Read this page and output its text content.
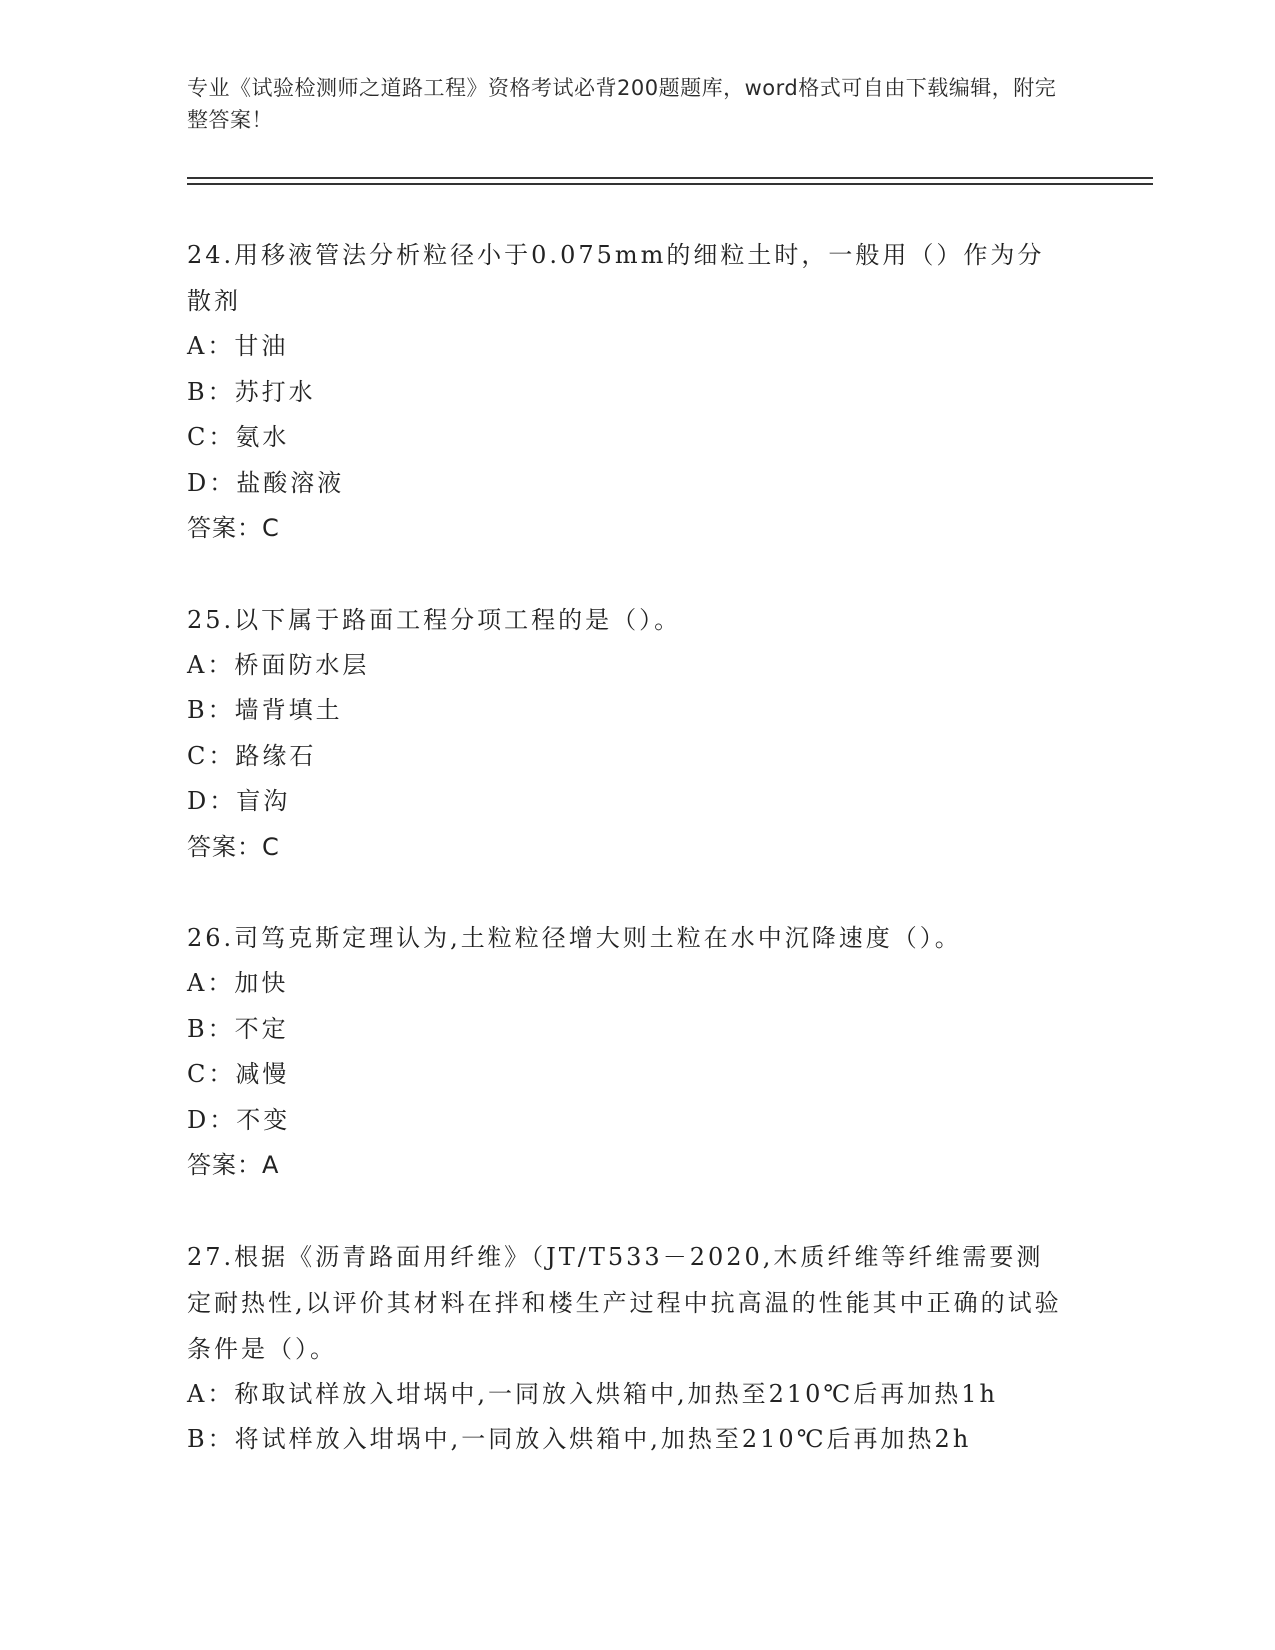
专业《试验检测师之道路工程》资格考试必背200题题库，word格式可自由下载编辑，附完整答案！
24.用移液管法分析粒径小于0.075mm的细粒土时，一般用（）作为分散剂
A：甘油
B：苏打水
C：氨水
D：盐酸溶液
答案：C
25.以下属于路面工程分项工程的是（）。
A：桥面防水层
B：墙背填土
C：路缘石
D：盲沟
答案：C
26.司笃克斯定理认为,土粒粒径增大则土粒在水中沉降速度（）。
A：加快
B：不定
C：减慢
D：不变
答案：A
27.根据《沥青路面用纤维》（JT/T533－2020,木质纤维等纤维需要测定耐热性,以评价其材料在拌和楼生产过程中抗高温的性能其中正确的试验条件是（）。
A：称取试样放入坩埚中,一同放入烘箱中,加热至210℃后再加热1h
B：将试样放入坩埚中,一同放入烘箱中,加热至210℃后再加热2h
